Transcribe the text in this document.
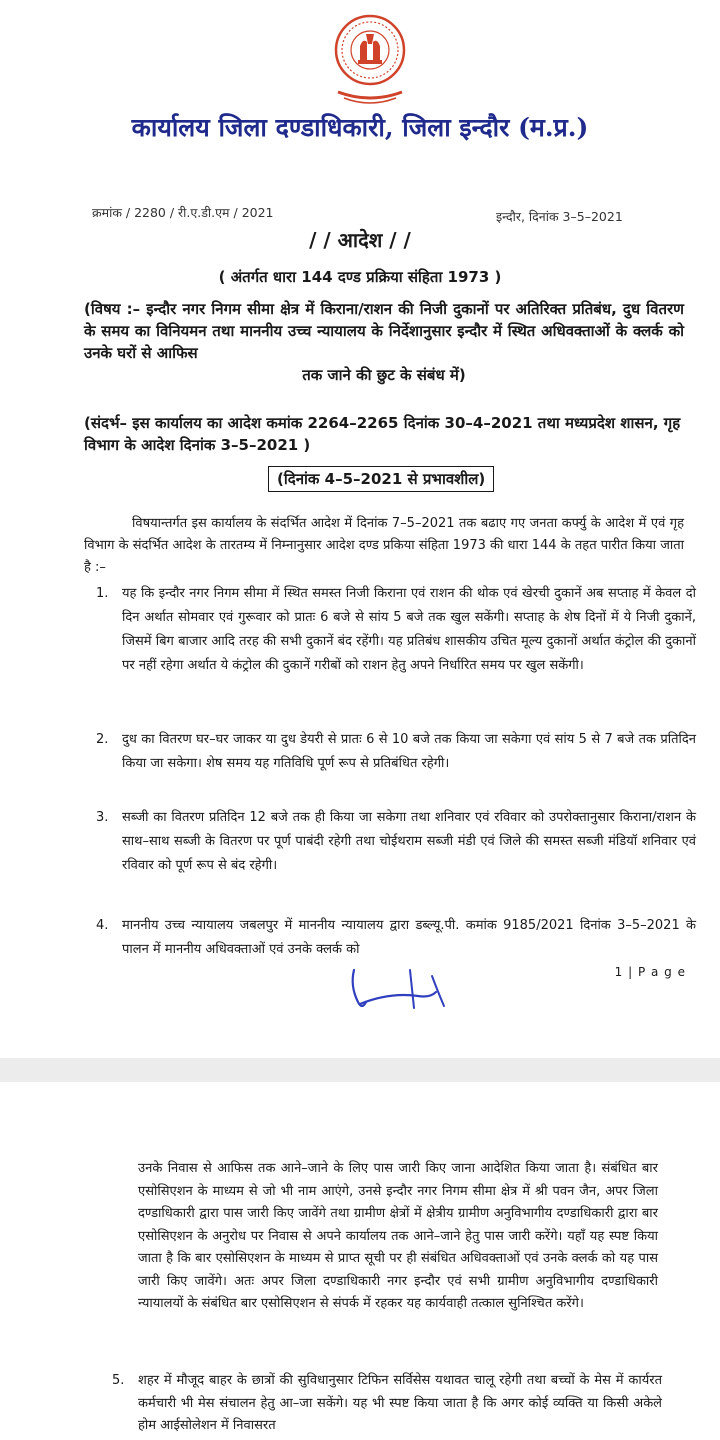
कार्यालय जिला दण्डाधिकारी, जिला इन्दौर (म.प्र.)
क्रमांक / 2280 / री.ए.डी.एम / 2021	इन्दौर, दिनांक 3–5–2021
/ / आदेश / /
( अंतर्गत धारा 144 दण्ड प्रक्रिया संहिता 1973 )
(विषय :– इन्दौर नगर निगम सीमा क्षेत्र में किराना/राशन की निजी दुकानों पर अतिरिक्त प्रतिबंध, दुध वितरण के समय का विनियमन तथा माननीय उच्च न्यायालय के निर्देशानुसार इन्दौर में स्थित अधिवक्ताओं के क्लर्क को उनके घरों से आफिस
तक जाने की छुट के संबंध में)
(संदर्भ– इस कार्यालय का आदेश कमांक 2264–2265 दिनांक 30–4–2021 तथा मध्यप्रदेश शासन, गृह विभाग के आदेश दिनांक 3–5–2021 )
(दिनांक 4–5–2021 से प्रभावशील)
विषयान्तर्गत इस कार्यालय के संदर्भित आदेश में दिनांक 7–5–2021 तक बढाए गए जनता कर्फ्यु के आदेश में एवं गृह विभाग के संदर्भित आदेश के तारतम्य में निम्नानुसार आदेश दण्ड प्रकिया संहिता 1973 की धारा 144 के तहत पारीत किया जाता है :–
1. यह कि इन्दौर नगर निगम सीमा में स्थित समस्त निजी किराना एवं राशन की थोक एवं खेरची दुकानें अब सप्ताह में केवल दो दिन अर्थात सोमवार एवं गुरूवार को प्रातः 6 बजे से सांय 5 बजे तक खुल सकेंगी। सप्ताह के शेष दिनों में ये निजी दुकानें, जिसमें बिग बाजार आदि तरह की सभी दुकानें बंद रहेंगी। यह प्रतिबंध शासकीय उचित मूल्य दुकानों अर्थात कंट्रोल की दुकानों पर नहीं रहेगा अर्थात ये कंट्रोल की दुकानें गरीबों को राशन हेतु अपने निर्धारित समय पर खुल सकेंगी।
2. दुध का वितरण घर–घर जाकर या दुध डेयरी से प्रातः 6 से 10 बजे तक किया जा सकेगा एवं सांय 5 से 7 बजे तक प्रतिदिन किया जा सकेगा। शेष समय यह गतिविधि पूर्ण रूप से प्रतिबंधित रहेगी।
3. सब्जी का वितरण प्रतिदिन 12 बजे तक ही किया जा सकेगा तथा शनिवार एवं रविवार को उपरोक्तानुसार किराना/राशन के साथ–साथ सब्जी के वितरण पर पूर्ण पाबंदी रहेगी तथा चोईथराम सब्जी मंडी एवं जिले की समस्त सब्जी मंडियॉ शनिवार एवं रविवार को पूर्ण रूप से बंद रहेगी।
4. माननीय उच्च न्यायालय जबलपुर में माननीय न्यायालय द्वारा डब्ल्यू.पी. कमांक 9185/2021 दिनांक 3–5–2021 के पालन में माननीय अधिवक्ताओं एवं उनके क्लर्क को
1 | P a g e
उनके निवास से आफिस तक आने–जाने के लिए पास जारी किए जाना आदेशित किया जाता है। संबंधित बार एसोसिएशन के माध्यम से जो भी नाम आएंगे, उनसे इन्दौर नगर निगम सीमा क्षेत्र में श्री पवन जैन, अपर जिला दण्डाधिकारी द्वारा पास जारी किए जावेंगे तथा ग्रामीण क्षेत्रों में क्षेत्रीय ग्रामीण अनुविभागीय दण्डाधिकारी द्वारा बार एसोसिएशन के अनुरोध पर निवास से अपने कार्यालय तक आने–जाने हेतु पास जारी करेंगे। यहाँ यह स्पष्ट किया जाता है कि बार एसोसिएशन के माध्यम से प्राप्त सूची पर ही संबंधित अधिवक्ताओं एवं उनके क्लर्क को यह पास जारी किए जावेंगे। अतः अपर जिला दण्डाधिकारी नगर इन्दौर एवं सभी ग्रामीण अनुविभागीय दण्डाधिकारी न्यायालयों के संबंधित बार एसोसिएशन से संपर्क में रहकर यह कार्यवाही तत्काल सुनिश्चित करेंगे।
5. शहर में मौजूद बाहर के छात्रों की सुविधानुसार टिफिन सर्विसेस यथावत चालू रहेगी तथा बच्चों के मेस में कार्यरत कर्मचारी भी मेस संचालन हेतु आ–जा सकेंगे। यह भी स्पष्ट किया जाता है कि अगर कोई व्यक्ति या किसी अकेले होम आईसोलेशन में निवासरत
